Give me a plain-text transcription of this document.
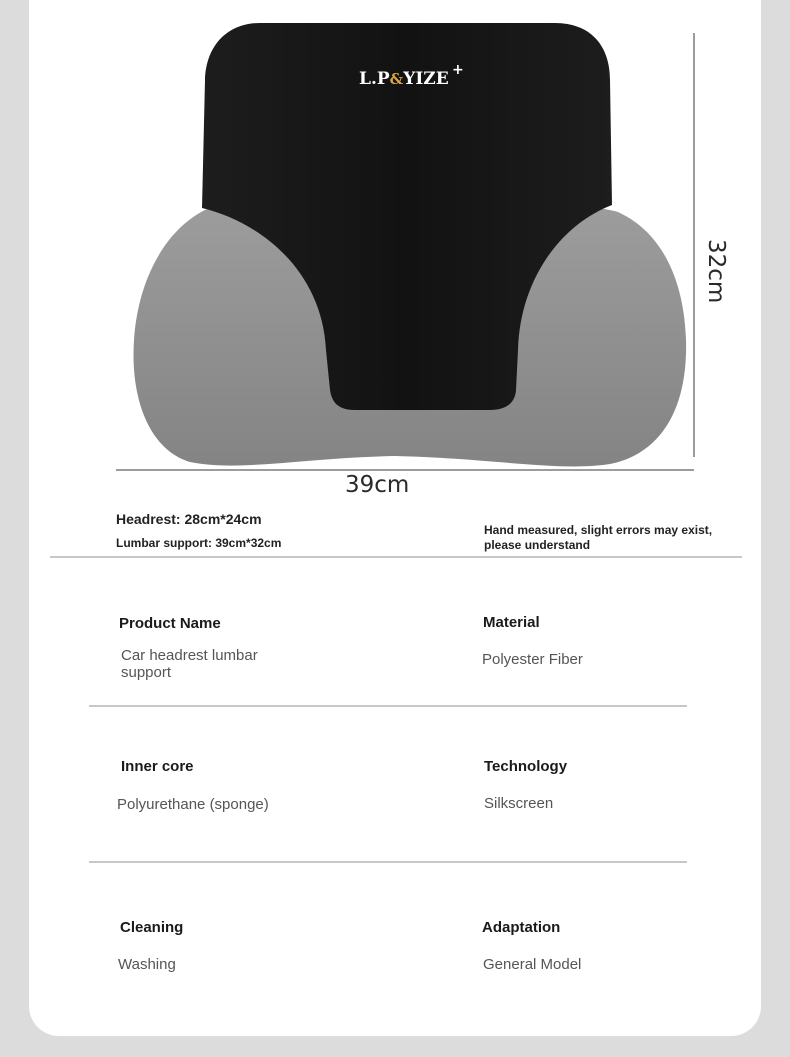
L.P&YIZE +
32cm
39cm
Headrest: 28cm*24cm
Lumbar support: 39cm*32cm
Hand measured, slight errors may exist,
please understand
Product Name
Car headrest lumbar
support
Material
Polyester Fiber
Inner core
Polyurethane (sponge)
Technology
Silkscreen
Cleaning
Washing
Adaptation
General Model
